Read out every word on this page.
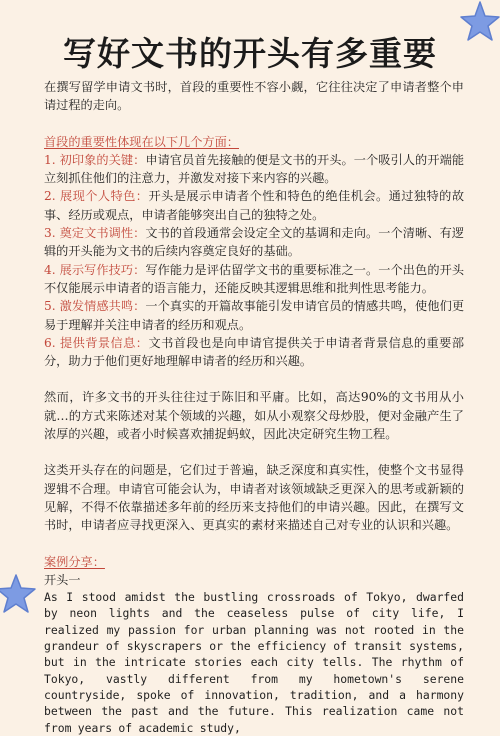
写好文书的开头有多重要

在撰写留学申请文书时，首段的重要性不容小觑，它往往决定了申请者整个申请过程的走向。

首段的重要性体现在以下几个方面：

1. 初印象的关键：申请官员首先接触的便是文书的开头。一个吸引人的开端能立刻抓住他们的注意力，并激发对接下来内容的兴趣。

2. 展现个人特色：开头是展示申请者个性和特色的绝佳机会。通过独特的故事、经历或观点，申请者能够突出自己的独特之处。

3. 奠定文书调性：文书的首段通常会设定全文的基调和走向。一个清晰、有逻辑的开头能为文书的后续内容奠定良好的基础。

4. 展示写作技巧：写作能力是评估留学文书的重要标准之一。一个出色的开头不仅能展示申请者的语言能力，还能反映其逻辑思维和批判性思考能力。

5. 激发情感共鸣：一个真实的开篇故事能引发申请官员的情感共鸣，使他们更易于理解并关注申请者的经历和观点。

6. 提供背景信息：文书首段也是向申请官提供关于申请者背景信息的重要部分，助力于他们更好地理解申请者的经历和兴趣。

然而，许多文书的开头往往过于陈旧和平庸。比如，高达90%的文书用从小就…的方式来陈述对某个领域的兴趣，如从小观察父母炒股，便对金融产生了浓厚的兴趣，或者小时候喜欢捕捉蚂蚁，因此决定研究生物工程。

这类开头存在的问题是，它们过于普遍，缺乏深度和真实性，使整个文书显得逻辑不合理。申请官可能会认为，申请者对该领域缺乏更深入的思考或新颖的见解，不得不依靠描述多年前的经历来支持他们的申请兴趣。因此，在撰写文书时，申请者应寻找更深入、更真实的素材来描述自己对专业的认识和兴趣。

案例分享：

开头一

As I stood amidst the bustling crossroads of Tokyo, dwarfed by neon lights and the ceaseless pulse of city life, I realized my passion for urban planning was not rooted in the grandeur of skyscrapers or the efficiency of transit systems, but in the intricate stories each city tells. The rhythm of Tokyo, vastly different from my hometown's serene countryside, spoke of innovation, tradition, and a harmony between the past and the future. This realization came not from years of academic study,
